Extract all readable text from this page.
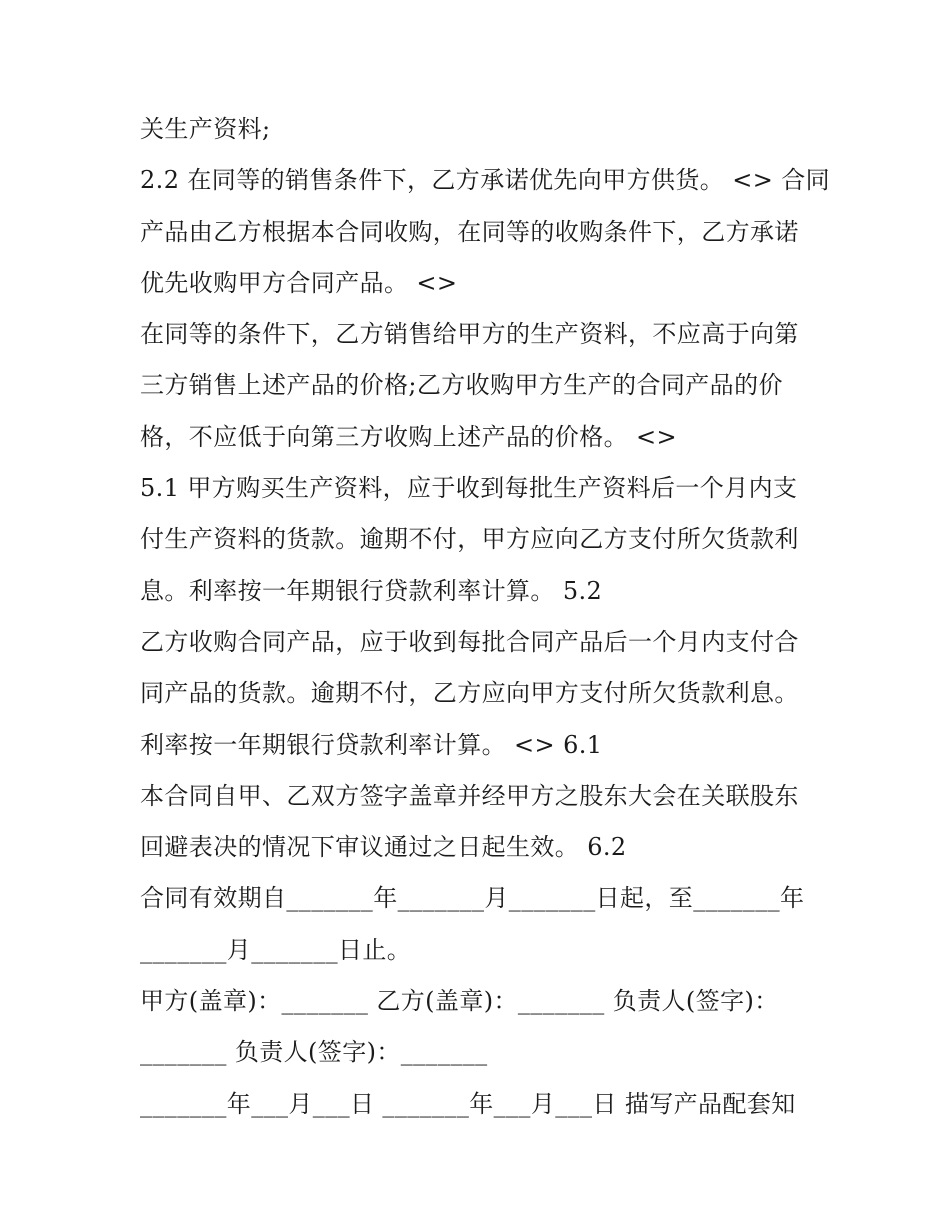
关生产资料;
2.2 在同等的销售条件下，乙方承诺优先向甲方供货。 <> 合同
产品由乙方根据本合同收购，在同等的收购条件下，乙方承诺
优先收购甲方合同产品。 <>
在同等的条件下，乙方销售给甲方的生产资料，不应高于向第
三方销售上述产品的价格;乙方收购甲方生产的合同产品的价
格，不应低于向第三方收购上述产品的价格。 <>
5.1 甲方购买生产资料，应于收到每批生产资料后一个月内支
付生产资料的货款。逾期不付，甲方应向乙方支付所欠货款利
息。利率按一年期银行贷款利率计算。 5.2
乙方收购合同产品，应于收到每批合同产品后一个月内支付合
同产品的货款。逾期不付，乙方应向甲方支付所欠货款利息。
利率按一年期银行贷款利率计算。 <> 6.1
本合同自甲、乙双方签字盖章并经甲方之股东大会在关联股东
回避表决的情况下审议通过之日起生效。 6.2
合同有效期自_______年_______月_______日起，至_______年
_______月_______日止。
甲方(盖章)：_______ 乙方(盖章)：_______ 负责人(签字)：
_______ 负责人(签字)：_______
_______年___月___日 _______年___月___日 描写产品配套知
